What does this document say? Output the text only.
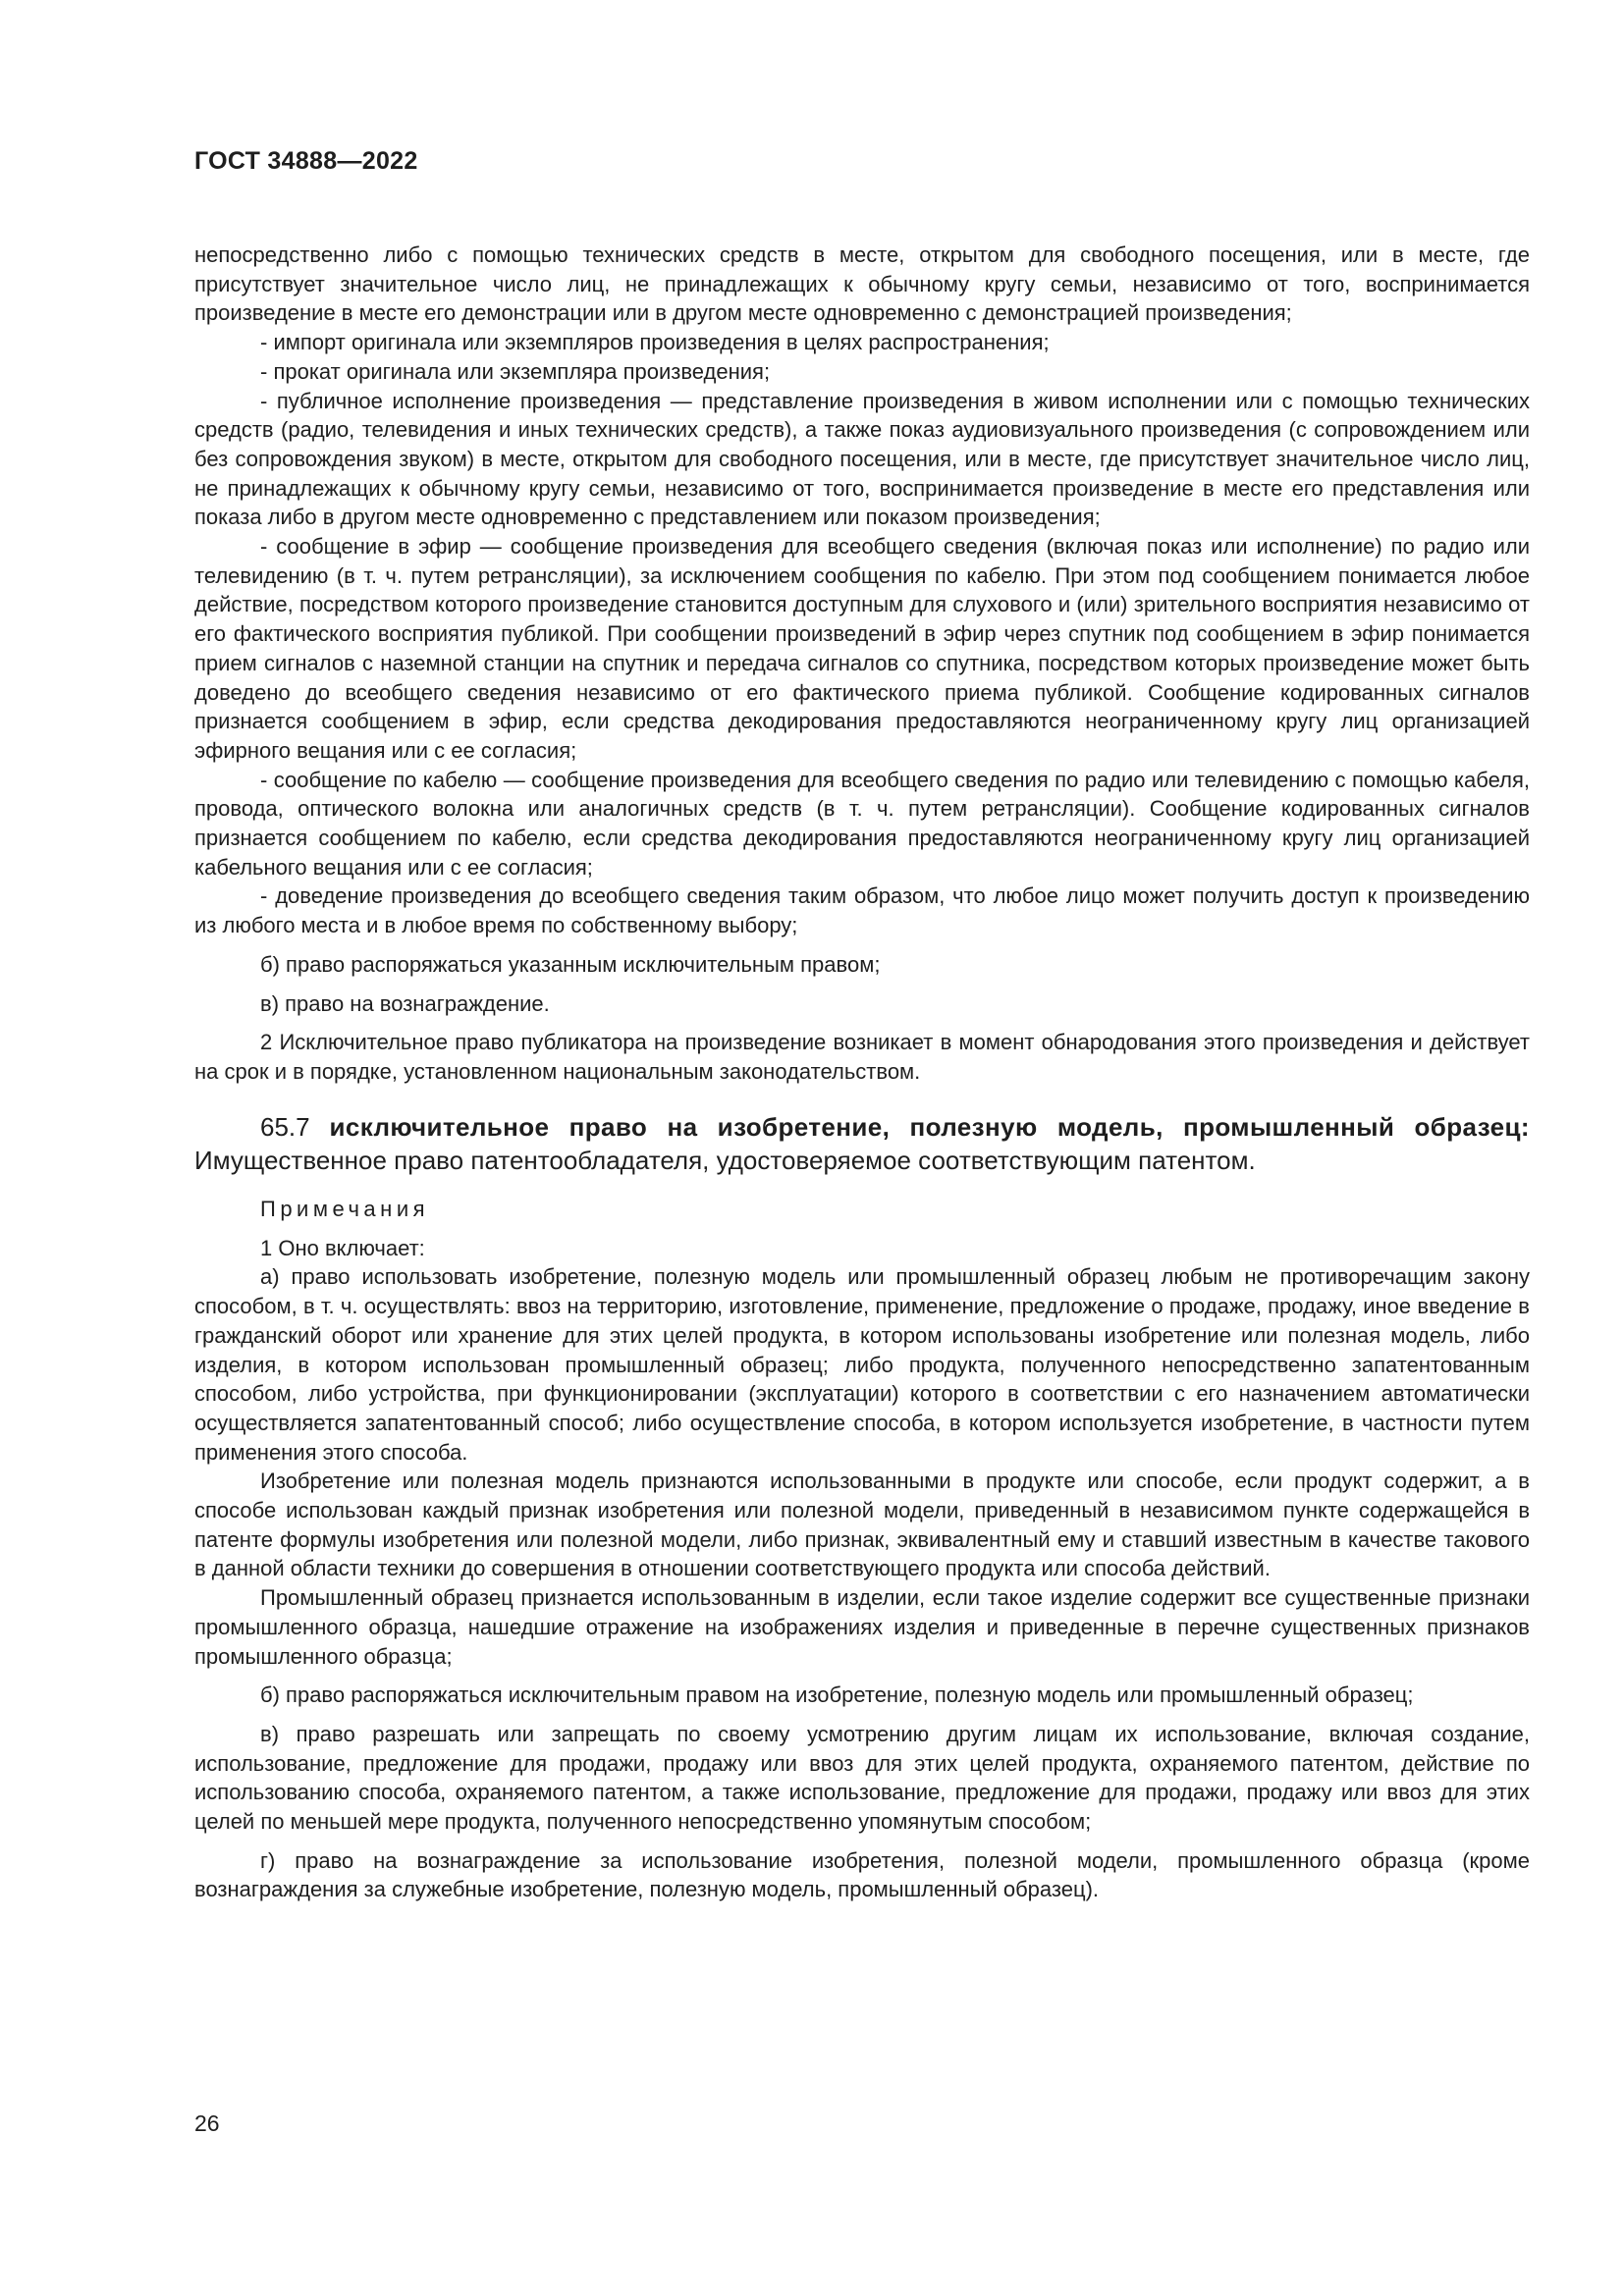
ГОСТ 34888—2022

непосредственно либо с помощью технических средств в месте, открытом для свободного посещения, или в месте, где присутствует значительное число лиц, не принадлежащих к обычному кругу семьи, независимо от того, воспринимается произведение в месте его демонстрации или в другом месте одновременно с демонстрацией произведения;

- импорт оригинала или экземпляров произведения в целях распространения;

- прокат оригинала или экземпляра произведения;

- публичное исполнение произведения — представление произведения в живом исполнении или с помощью технических средств (радио, телевидения и иных технических средств), а также показ аудиовизуального произведения (с сопровождением или без сопровождения звуком) в месте, открытом для свободного посещения, или в месте, где присутствует значительное число лиц, не принадлежащих к обычному кругу семьи, независимо от того, воспринимается произведение в месте его представления или показа либо в другом месте одновременно с представлением или показом произведения;

- сообщение в эфир — сообщение произведения для всеобщего сведения (включая показ или исполнение) по радио или телевидению (в т. ч. путем ретрансляции), за исключением сообщения по кабелю. При этом под сообщением понимается любое действие, посредством которого произведение становится доступным для слухового и (или) зрительного восприятия независимо от его фактического восприятия публикой. При сообщении произведений в эфир через спутник под сообщением в эфир понимается прием сигналов с наземной станции на спутник и передача сигналов со спутника, посредством которых произведение может быть доведено до всеобщего сведения независимо от его фактического приема публикой. Сообщение кодированных сигналов признается сообщением в эфир, если средства декодирования предоставляются неограниченному кругу лиц организацией эфирного вещания или с ее согласия;

- сообщение по кабелю — сообщение произведения для всеобщего сведения по радио или телевидению с помощью кабеля, провода, оптического волокна или аналогичных средств (в т. ч. путем ретрансляции). Сообщение кодированных сигналов признается сообщением по кабелю, если средства декодирования предоставляются неограниченному кругу лиц организацией кабельного вещания или с ее согласия;

- доведение произведения до всеобщего сведения таким образом, что любое лицо может получить доступ к произведению из любого места и в любое время по собственному выбору;

б) право распоряжаться указанным исключительным правом;

в) право на вознаграждение.

2 Исключительное право публикатора на произведение возникает в момент обнародования этого произведения и действует на срок и в порядке, установленном национальным законодательством.

65.7 исключительное право на изобретение, полезную модель, промышленный образец: Имущественное право патентообладателя, удостоверяемое соответствующим патентом.

Примечания

1 Оно включает:

а) право использовать изобретение, полезную модель или промышленный образец любым не противоречащим закону способом, в т. ч. осуществлять: ввоз на территорию, изготовление, применение, предложение о продаже, продажу, иное введение в гражданский оборот или хранение для этих целей продукта, в котором использованы изобретение или полезная модель, либо изделия, в котором использован промышленный образец; либо продукта, полученного непосредственно запатентованным способом, либо устройства, при функционировании (эксплуатации) которого в соответствии с его назначением автоматически осуществляется запатентованный способ; либо осуществление способа, в котором используется изобретение, в частности путем применения этого способа.

Изобретение или полезная модель признаются использованными в продукте или способе, если продукт содержит, а в способе использован каждый признак изобретения или полезной модели, приведенный в независимом пункте содержащейся в патенте формулы изобретения или полезной модели, либо признак, эквивалентный ему и ставший известным в качестве такового в данной области техники до совершения в отношении соответствующего продукта или способа действий.

Промышленный образец признается использованным в изделии, если такое изделие содержит все существенные признаки промышленного образца, нашедшие отражение на изображениях изделия и приведенные в перечне существенных признаков промышленного образца;

б) право распоряжаться исключительным правом на изобретение, полезную модель или промышленный образец;

в) право разрешать или запрещать по своему усмотрению другим лицам их использование, включая создание, использование, предложение для продажи, продажу или ввоз для этих целей продукта, охраняемого патентом, действие по использованию способа, охраняемого патентом, а также использование, предложение для продажи, продажу или ввоз для этих целей по меньшей мере продукта, полученного непосредственно упомянутым способом;

г) право на вознаграждение за использование изобретения, полезной модели, промышленного образца (кроме вознаграждения за служебные изобретение, полезную модель, промышленный образец).

26
